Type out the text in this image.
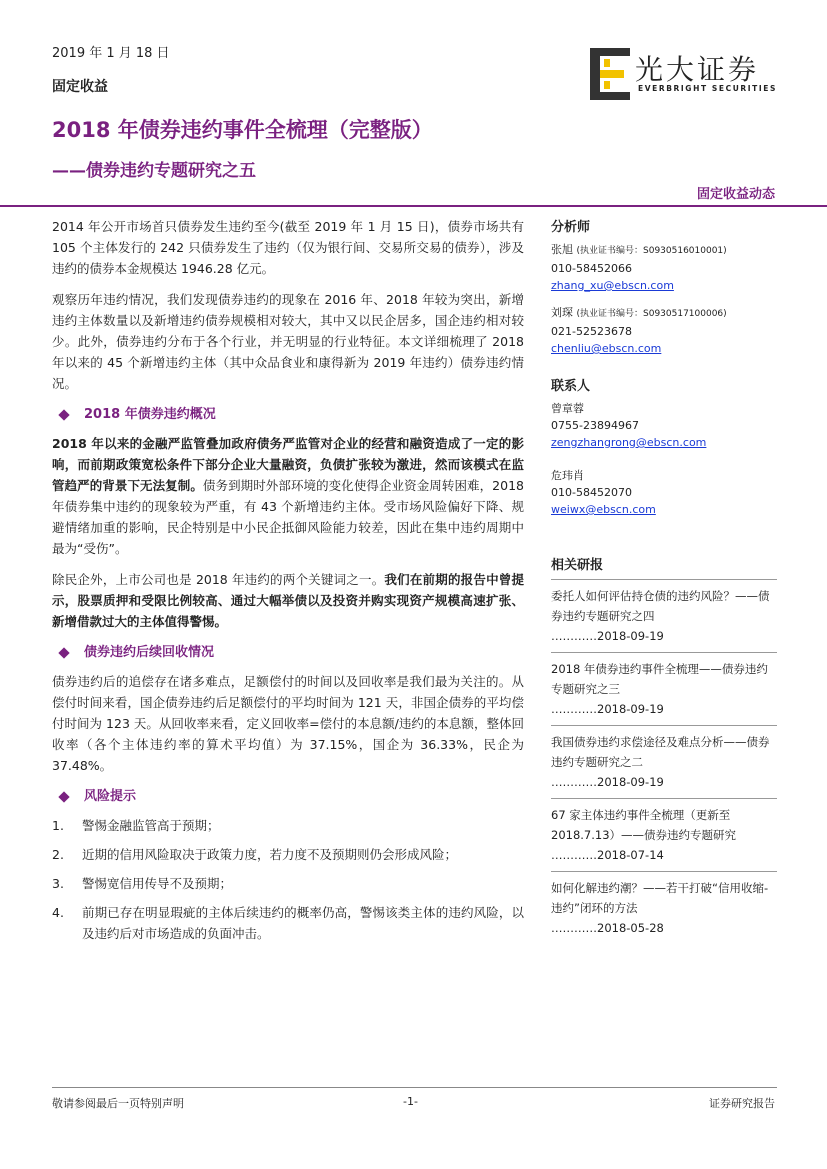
2019 年 1 月 18 日
固定收益
2018 年债券违约事件全梳理（完整版）
——债券违约专题研究之五
固定收益动态
光大证券
EVERBRIGHT SECURITIES

2014 年公开市场首只债券发生违约至今(截至 2019 年 1 月 15 日)，债券市场共有 105 个主体发行的 242 只债券发生了违约（仅为银行间、交易所交易的债券），涉及违约的债券本金规模达 1946.28 亿元。

观察历年违约情况，我们发现债券违约的现象在 2016 年、2018 年较为突出，新增违约主体数量以及新增违约债券规模相对较大，其中又以民企居多，国企违约相对较少。此外，债券违约分布于各个行业，并无明显的行业特征。本文详细梳理了 2018 年以来的 45 个新增违约主体（其中众品食业和康得新为 2019 年违约）债券违约情况。

2018 年债券违约概况

2018 年以来的金融严监管叠加政府债务严监管对企业的经营和融资造成了一定的影响，而前期政策宽松条件下部分企业大量融资，负债扩张较为激进，然而该模式在监管趋严的背景下无法复制。债务到期时外部环境的变化使得企业资金周转困难，2018 年债券集中违约的现象较为严重，有 43 个新增违约主体。受市场风险偏好下降、规避情绪加重的影响，民企特别是中小民企抵御风险能力较差，因此在集中违约周期中最为“受伤”。

除民企外，上市公司也是 2018 年违约的两个关键词之一。我们在前期的报告中曾提示，股票质押和受限比例较高、通过大幅举债以及投资并购实现资产规模高速扩张、新增借款过大的主体值得警惕。

债券违约后续回收情况

债券违约后的追偿存在诸多难点，足额偿付的时间以及回收率是我们最为关注的。从偿付时间来看，国企债券违约后足额偿付的平均时间为 121 天，非国企债券的平均偿付时间为 123 天。从回收率来看，定义回收率=偿付的本息额/违约的本息额，整体回收率（各个主体违约率的算术平均值）为 37.15%，国企为 36.33%，民企为 37.48%。

风险提示
1.	警惕金融监管高于预期；
2.	近期的信用风险取决于政策力度，若力度不及预期则仍会形成风险；
3.	警惕宽信用传导不及预期；
4.	前期已存在明显瑕疵的主体后续违约的概率仍高，警惕该类主体的违约风险，以及违约后对市场造成的负面冲击。
分析师
张旭 (执业证书编号：S0930516010001)
010-58452066
zhang_xu@ebscn.com
刘琛 (执业证书编号：S0930517100006)
021-52523678
chenliu@ebscn.com
联系人
曾章蓉
0755-23894967
zengzhangrong@ebscn.com
危玮肖
010-58452070
weiwx@ebscn.com
相关研报
委托人如何评估持仓债的违约风险？——债券违约专题研究之四
…………2018-09-19
2018 年债券违约事件全梳理——债券违约专题研究之三
…………2018-09-19
我国债券违约求偿途径及难点分析——债券违约专题研究之二
…………2018-09-19
67 家主体违约事件全梳理（更新至 2018.7.13）——债券违约专题研究
…………2018-07-14
如何化解违约潮？——若干打破“信用收缩-违约”闭环的方法
…………2018-05-28
敬请参阅最后一页特别声明	-1-	证券研究报告
